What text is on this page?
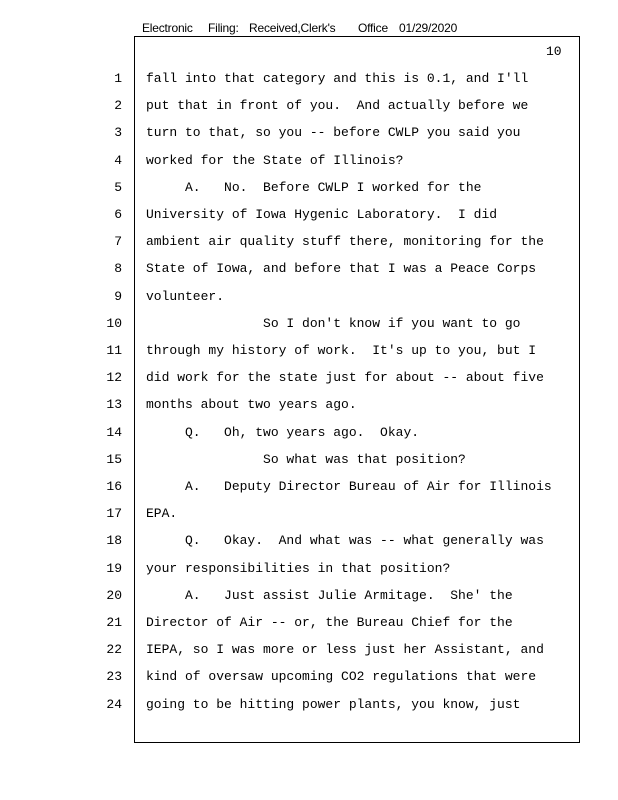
Electronic

Filing:

Received,Clerk's

Office

01/29/2020

10
1 fall into that category and this is 0.1, and I'll
2 put that in front of you.  And actually before we
3 turn to that, so you -- before CWLP you said you
4 worked for the State of Illinois?
5 A.   No.  Before CWLP I worked for the
6 University of Iowa Hygenic Laboratory.  I did
7 ambient air quality stuff there, monitoring for the
8 State of Iowa, and before that I was a Peace Corps
9 volunteer.
10 So I don't know if you want to go
11 through my history of work.  It's up to you, but I
12 did work for the state just for about -- about five
13 months about two years ago.
14 Q.   Oh, two years ago.  Okay.
15 So what was that position?
16 A.   Deputy Director Bureau of Air for Illinois
17 EPA.
18 Q.   Okay.  And what was -- what generally was
19 your responsibilities in that position?
20 A.   Just assist Julie Armitage.  She' the
21 Director of Air -- or, the Bureau Chief for the
22 IEPA, so I was more or less just her Assistant, and
23 kind of oversaw upcoming CO2 regulations that were
24 going to be hitting power plants, you know, just
